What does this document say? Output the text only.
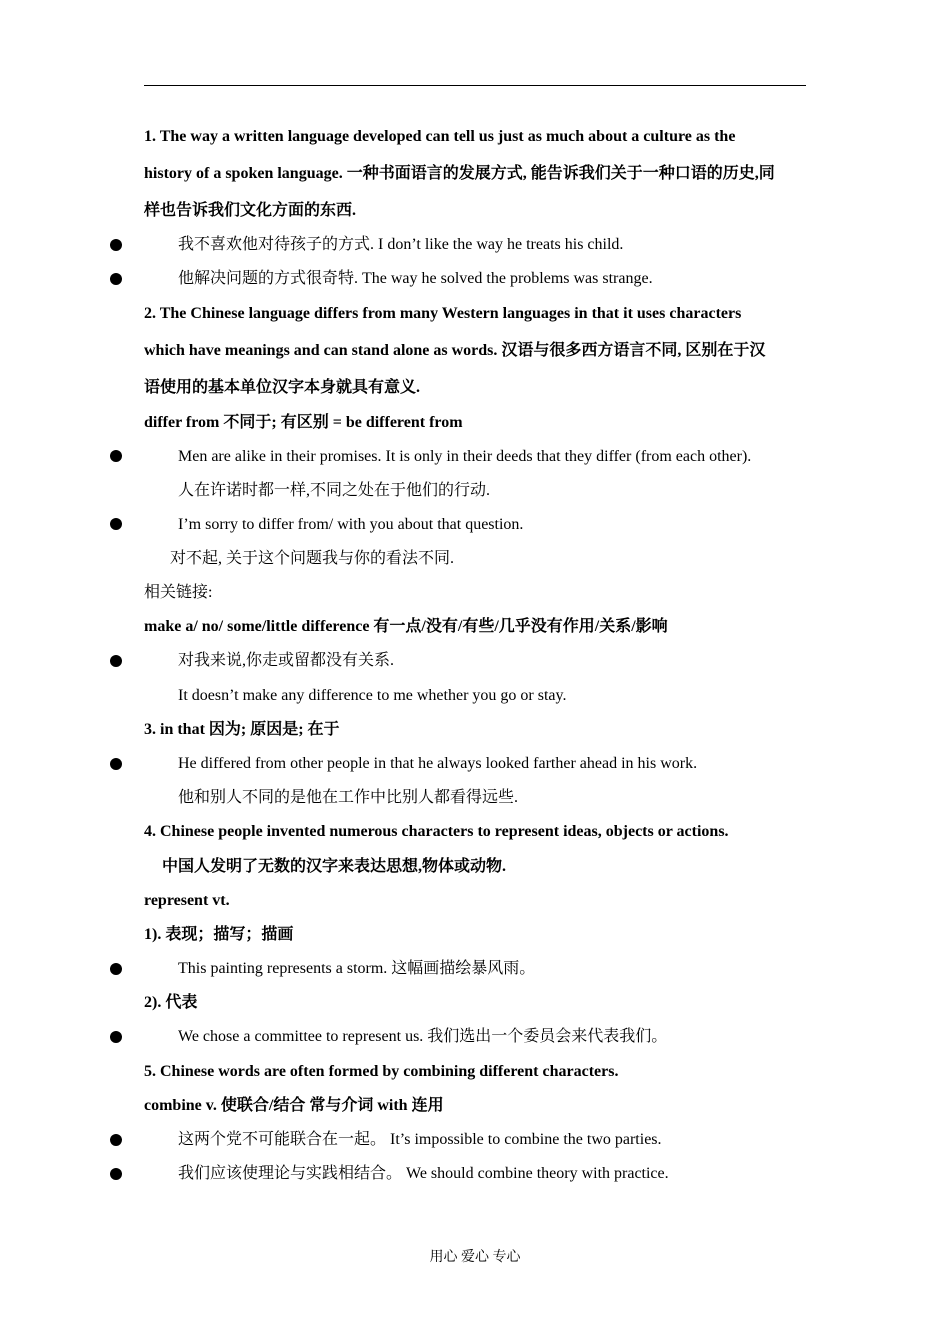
1. The way a written language developed can tell us just as much about a culture as the
history of a spoken language. 一种书面语言的发展方式, 能告诉我们关于一种口语的历史,同
样也告诉我们文化方面的东西.
我不喜欢他对待孩子的方式. I don’t like the way he treats his child.
他解决问题的方式很奇特. The way he solved the problems was strange.
2. The Chinese language differs from many Western languages in that it uses characters
which have meanings and can stand alone as words. 汉语与很多西方语言不同, 区别在于汉
语使用的基本单位汉字本身就具有意义.
differ from 不同于; 有区别 = be different from
Men are alike in their promises. It is only in their deeds that they differ (from each other).
人在许诺时都一样,不同之处在于他们的行动.
I’m sorry to differ from/ with you about that question.
对不起, 关于这个问题我与你的看法不同.
相关链接:
make a/ no/ some/little difference 有一点/没有/有些/几乎没有作用/关系/影响
对我来说,你走或留都没有关系.
It doesn’t make any difference to me whether you go or stay.
3. in that 因为; 原因是; 在于
He differed from other people in that he always looked farther ahead in his work.
他和别人不同的是他在工作中比别人都看得远些.
4. Chinese people invented numerous characters to represent ideas, objects or actions.
中国人发明了无数的汉字来表达思想,物体或动物.
represent vt.
1). 表现；描写；描画
This painting represents a storm. 这幅画描绘暴风雨。
2). 代表
We chose a committee to represent us. 我们选出一个委员会来代表我们。
5. Chinese words are often formed by combining different characters.
combine v. 使联合/结合 常与介词 with 连用
这两个党不可能联合在一起。 It’s impossible to combine the two parties.
我们应该使理论与实践相结合。 We should combine theory with practice.
用心 爱心 专心
